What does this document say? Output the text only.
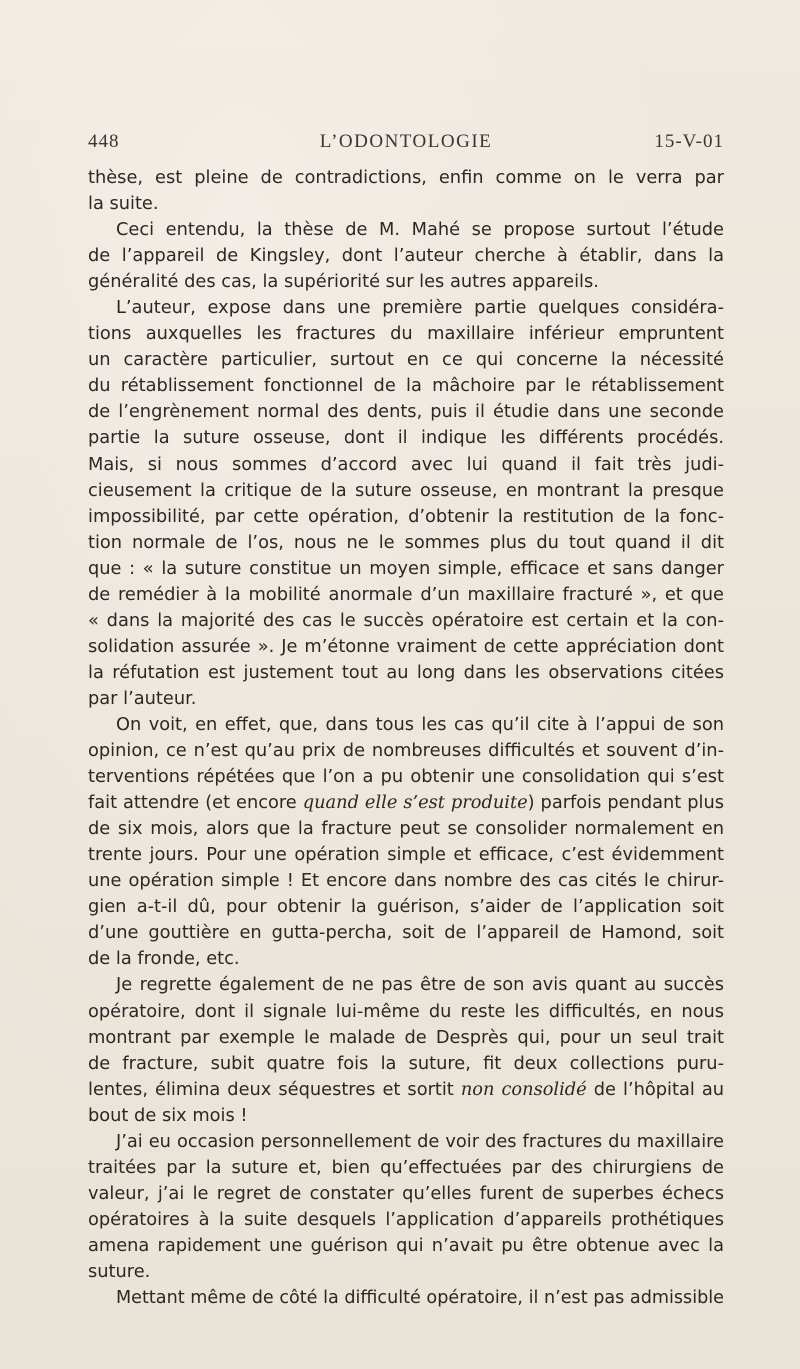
448	L’ODONTOLOGIE	15-V-01
thèse, est pleine de contradictions, enfin comme on le verra par
la suite.
Ceci entendu, la thèse de M. Mahé se propose surtout l’étude
de l’appareil de Kingsley, dont l’auteur cherche à établir, dans la
généralité des cas, la supériorité sur les autres appareils.
L’auteur, expose dans une première partie quelques considéra-
tions auxquelles les fractures du maxillaire inférieur empruntent
un caractère particulier, surtout en ce qui concerne la nécessité
du rétablissement fonctionnel de la mâchoire par le rétablissement
de l’engrènement normal des dents, puis il étudie dans une seconde
partie la suture osseuse, dont il indique les différents procédés.
Mais, si nous sommes d’accord avec lui quand il fait très judi-
cieusement la critique de la suture osseuse, en montrant la presque
impossibilité, par cette opération, d’obtenir la restitution de la fonc-
tion normale de l’os, nous ne le sommes plus du tout quand il dit
que : « la suture constitue un moyen simple, efficace et sans danger
de remédier à la mobilité anormale d’un maxillaire fracturé », et que
« dans la majorité des cas le succès opératoire est certain et la con-
solidation assurée ». Je m’étonne vraiment de cette appréciation dont
la réfutation est justement tout au long dans les observations citées
par l’auteur.
On voit, en effet, que, dans tous les cas qu’il cite à l’appui de son
opinion, ce n’est qu’au prix de nombreuses difficultés et souvent d’in-
terventions répétées que l’on a pu obtenir une consolidation qui s’est
fait attendre (et encore quand elle s’est produite) parfois pendant plus
de six mois, alors que la fracture peut se consolider normalement en
trente jours. Pour une opération simple et efficace, c’est évidemment
une opération simple ! Et encore dans nombre des cas cités le chirur-
gien a-t-il dû, pour obtenir la guérison, s’aider de l’application soit
d’une gouttière en gutta-percha, soit de l’appareil de Hamond, soit
de la fronde, etc.
Je regrette également de ne pas être de son avis quant au succès
opératoire, dont il signale lui-même du reste les difficultés, en nous
montrant par exemple le malade de Desprès qui, pour un seul trait
de fracture, subit quatre fois la suture, fit deux collections puru-
lentes, élimina deux séquestres et sortit non consolidé de l’hôpital au
bout de six mois !
J’ai eu occasion personnellement de voir des fractures du maxillaire
traitées par la suture et, bien qu’effectuées par des chirurgiens de
valeur, j’ai le regret de constater qu’elles furent de superbes échecs
opératoires à la suite desquels l’application d’appareils prothétiques
amena rapidement une guérison qui n’avait pu être obtenue avec la
suture.
Mettant même de côté la difficulté opératoire, il n’est pas admissible
